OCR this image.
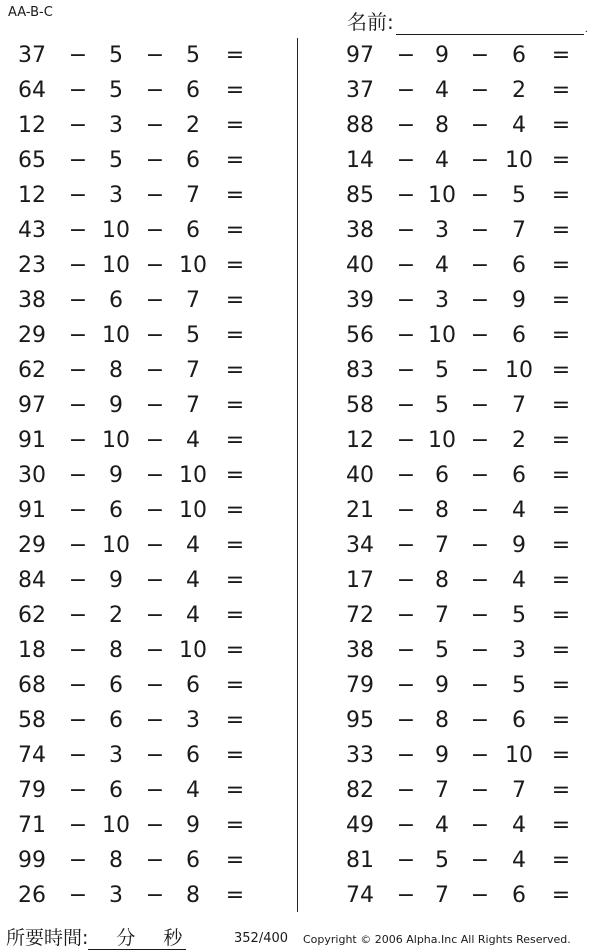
AA-B-C	名前:	.
37 − 5	− 5	=
64 − 5	− 6	=
12 − 3	− 2	=
65 − 5	− 6	=
12 − 3	− 7	=
43 − 10 − 6	=
23 − 10 − 10 =
38 − 6	− 7	=
29 − 10 − 5	=
62 − 8	− 7	=
97 − 9	− 7	=
91 − 10 − 4	=
30 − 9	− 10 =
91 − 6	− 10 =
29 − 10 − 4	=
84 − 9	− 4	=
62 − 2	− 4	=
18 − 8	− 10 =
68 − 6	− 6	=
58 − 6	− 3	=
74 − 3	− 6	=
79 − 6	− 4	=
71 − 10 − 9	=
99 − 8	− 6	=
26 − 3	− 8	=
97 − 9 −	6	=
37 − 4 −	2	=
88 − 8 −	4	=
14 − 4 − 10 =
85 − 10 −	5	=
38 − 3 −	7	=
40 − 4 −	6	=
39 − 3 −	9	=
56 − 10 −	6	=
83 − 5 − 10 =
58 − 5 −	7	=
12 − 10 −	2	=
40 − 6 −	6	=
21 − 8 −	4	=
34 − 7 −	9	=
17 − 8 −	4	=
72 − 7 −	5	=
38 − 5 −	3	=
79 − 9 −	5	=
95 − 8 −	6	=
33 − 9 − 10 =
82 − 7 −	7	=
49 − 4 −	4	=
81 − 5 −	4	=
74 − 7 −	6	=
所要時間:	分 秒	352/400 Copyright © 2006 Alpha.Inc All Rights Reserved.
